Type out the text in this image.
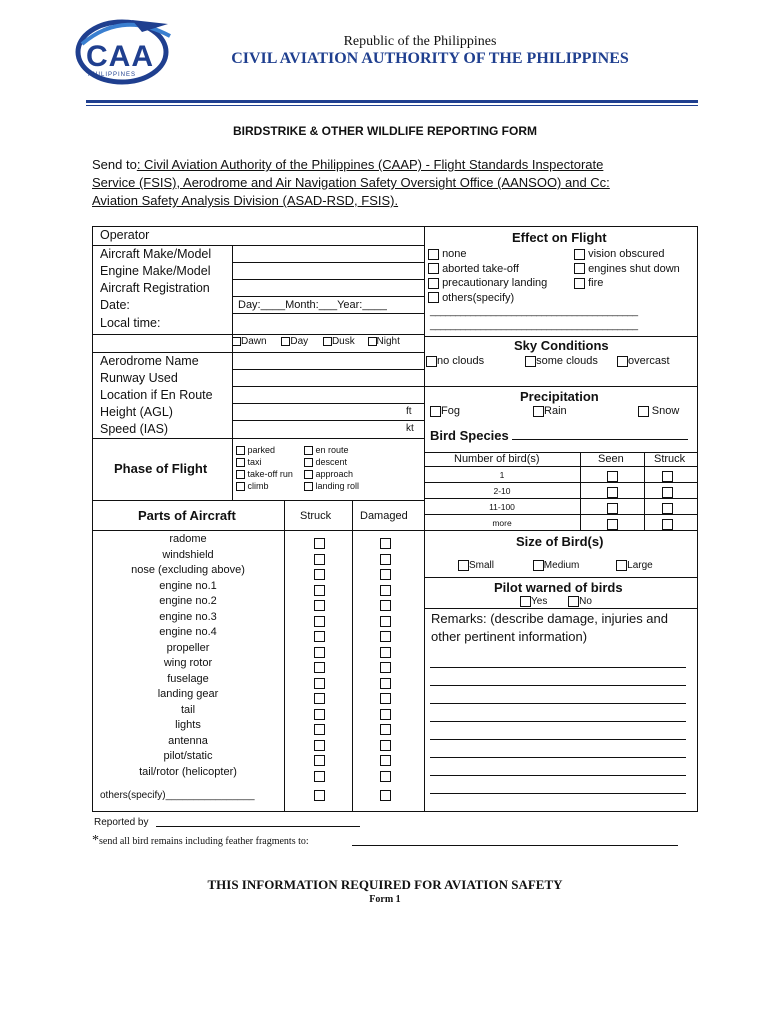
CAA
PHILIPPINES
Republic of the Philippines
CIVIL AVIATION AUTHORITY OF THE PHILIPPINES
BIRDSTRIKE & OTHER WILDLIFE REPORTING FORM
Send to: Civil Aviation Authority of the Philippines (CAAP) - Flight Standards Inspectorate
Service (FSIS), Aerodrome and Air Navigation Safety Oversight Office (AANSOO) and Cc:
Aviation Safety Analysis Division (ASAD-RSD, FSIS).
Operator
Aircraft Make/Model
Engine Make/Model
Aircraft Registration
Date:	Day:____Month:___Year:____
Local time:
Dawn Day Dusk Night
Aerodrome Name
Runway Used
Location if En Route
Height (AGL)	ft
Speed (IAS)	kt
Phase of Flight
parked
taxi
take-off run
climb
en route
descent
approach
landing roll
Parts of Aircraft	Struck	Damaged
radome
windshield
nose (excluding above)
engine no.1
engine no.2
engine no.3
engine no.4
propeller
wing rotor
fuselage
landing gear
tail
lights
antenna
pilot/static
tail/rotor (helicopter)
others(specify)________________
Effect on Flight
none
aborted take-off
precautionary landing
others(specify)
vision obscured
engines shut down
fire
_________________________________________
_________________________________________
Sky Conditions
no clouds	some clouds	overcast
Precipitation
Fog	Rain	Snow
Bird Species
Number of bird(s)	Seen	Struck
1
2-10
11-100
more
Size of Bird(s)
Small	Medium	Large
Pilot warned of birds
Yes	No
Remarks: (describe damage, injuries and
other pertinent information)
Reported by
*send all bird remains including feather fragments to:
THIS INFORMATION REQUIRED FOR AVIATION SAFETY
Form 1
